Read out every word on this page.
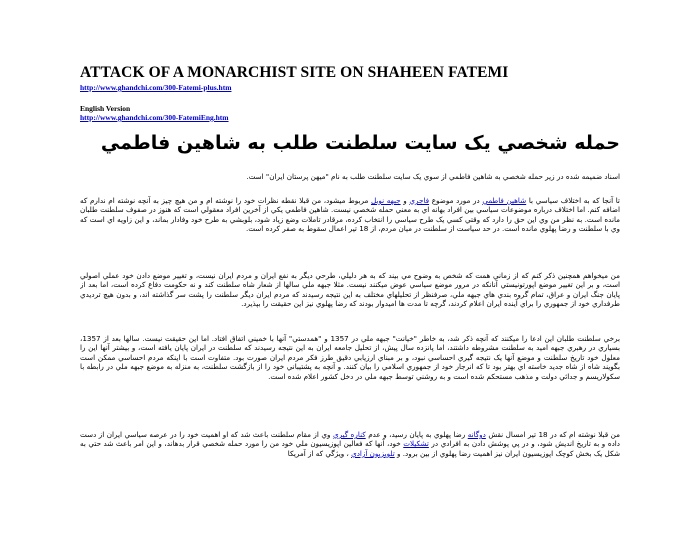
ATTACK OF A MONARCHIST SITE ON SHAHEEN FATEMI
http://www.ghandchi.com/300-Fatemi-plus.htm
English Version
http://www.ghandchi.com/300-FatemiEng.htm
حمله شخصي يک سايت سلطنت طلب به شاهين فاطمي
اسناد ضميمه شده در زير حمله شخصي به شاهين فاطمي از سوي يک سايت سلطنت طلب به نام "ميهن پرستان ايران" است.
تا آنجا كه به اختلاف سياسي با شاهين فاطمي در مورد موضوع فاجري و جبهه نوبل مربوط ميشود، من قبلا نقطه نظرات خود را نوشته ام و من هيچ چيز به آنچه نوشته ام ندارم كه اضافه كنم. اما اختلاف درباره موضوعات سياسي بين افراد بهانه اي به معني حمله شخصي نيست. شاهين فاطمي يكي از آخرين افراد معقولي است كه هنوز در صفوف سلطنت طلبان مانده است. به نظر من وي اين حق را دارد كه وقتي كسي يک طرح سياسي را انتخاب كرده، مرقادر تاملات وضع زياد شود، بلوبشي به طرح خود وفادار بماند، و اين زاويه اي است كه وي با سلطنت و رضا پهلوي مانده است. در حد سياست از سلطنت در ميان مردم، از 18 تير اعمال سقوط به صفر كرده است.
من ميخواهم همچنين ذكر كنم كه از زماني همت كه شخص به وضوح مي بيند كه به هر دليلي، طرحي ديگر به نفع ايران و مردم ايران نيست، و تغيير موضع دادن خود عملي اصولي است، و بر اين تغيير موضع اپورتونيستي آنانكه در مرور موضع سياسي عوض ميكنند نيست. مثلا جبهه ملي سالها از شعار شاه سلطنت كند و نه حكومت دفاع كرده است، اما بعد از پايان جنگ ايران و عراق، تمام گروه بندي هاي جبهه ملي، صرفنظر از تحليلهاي مختلف به اين نتيجه رسيدند كه مردم ايران ديگر سلطنت را پشت سر گذاشته اند، و بدون هيچ ترديدي طرفداري خود از جمهوري را براي آينده ايران اعلام كردند، گرچه تا مدت ها اميدوار بودند كه رضا پهلوي نيز اين حقيقت را بپذيرد.
برخي سلطنت طلبان اين ادعا را ميكنند كه آنچه ذكر شد، به خاطر "خيانت" جبهه ملي در 1357 و "همدستي" آنها با خميني اتفاق افتاد. اما اين حقيقت نيست. سالها بعد از 1357، بسياري در رهبري جبهه اميد به سلطنت مشروطه داشتند، اما پانزده سال پيش، از تحليل جامعه ايران به اين نتيجه رسيدند كه سلطنت در ايران پايان يافته است، و بيشتر آنها اين را معلول خود تاريخ سلطنت و موضع آنها يک نتيجه گيري احساسي نبود، و بر مبناي ارزيابي دقيق طرز فكر مردم ايران صورت بود. متفاوت است با اينكه مردم احساسي ممكن است بگويند شاه از شاه جديد خاسته اي بهتر بود تا كه انرجار خود از جمهوري اسلامي را بيان كنند. و آنچه به پشتيباني خود را از بازگشت سلطنت، به منزله به موضع جبهه ملي در رابطه با سكولاريسم و جدائي دولت و مذهب مستحكم شده است و به روشني توسط جبهه ملي در دخل كشور اعلام شده است.
من قبلا نوشته ام كه در 18 تير امسال نقش دوگانه رضا پهلوي به پايان رسيد، و عدم كناره گيري وي از مقام سلطنت باعث شد كه او اهميت خود را در عرصه سياسي ايران از دست داده و به تاريخ انديش شود، و در پي پوشش دادن به افرادي در تشكيلات خود، آنها كه فعالين اپوزيسيون ملي خود من را مورد حمله شخصي قرار بدهاند، و اين امر باعث شد حتي به شكل يک بخش كوچک اپوزيسيون ايران نيز اهميت رضا پهلوي از بين برود. و تلويزيون آزادي ، ويژگي كه از آمريكا
